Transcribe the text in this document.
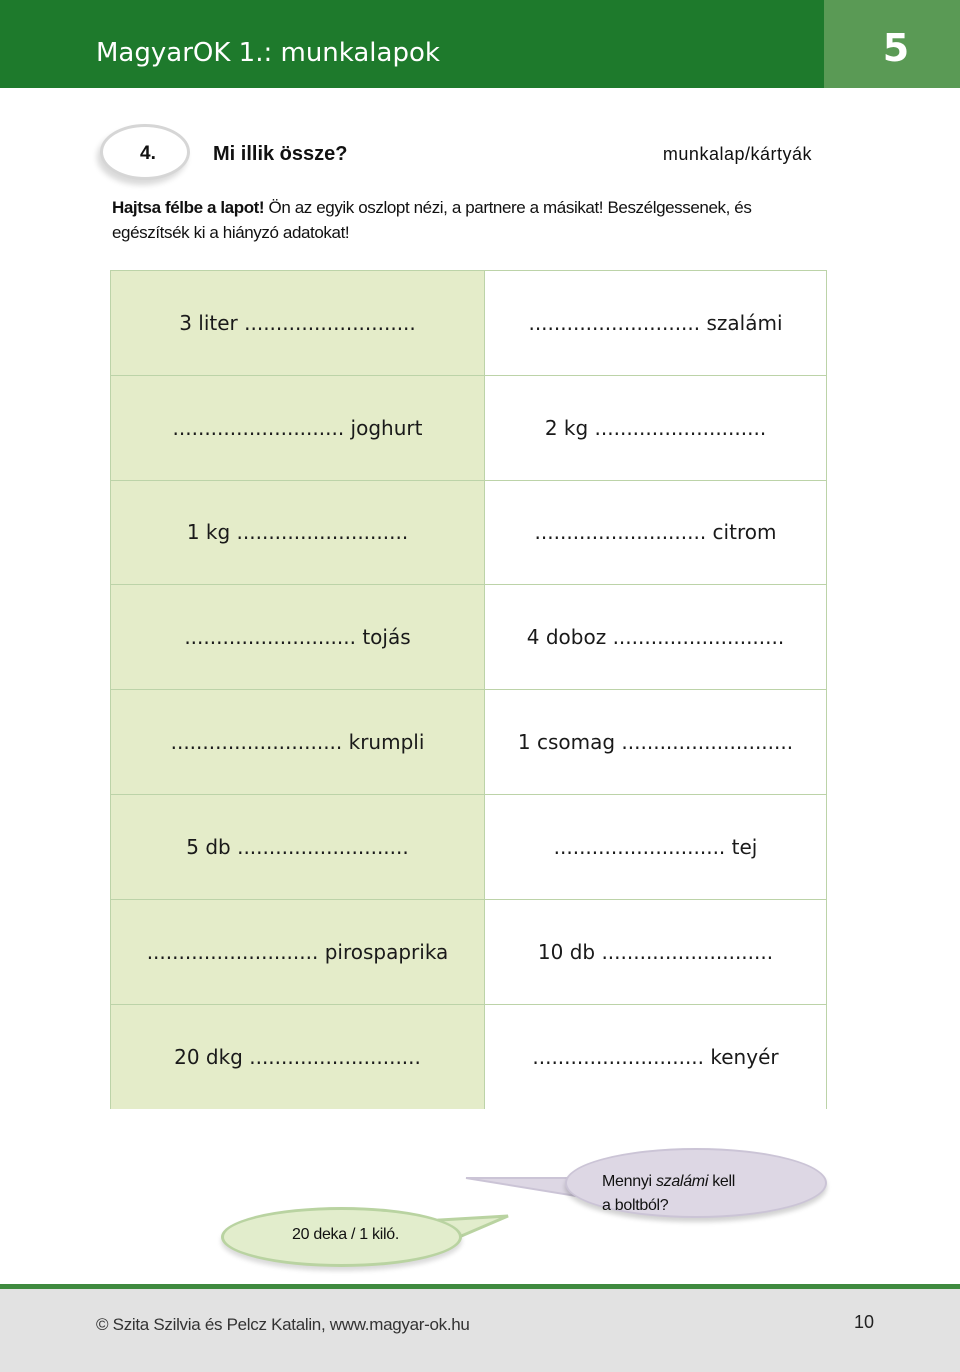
MagyarOK 1.: munkalapok	5
4.	Mi illik össze?	munkalap/kártyák
Hajtsa félbe a lapot! Ön az egyik oszlopt nézi, a partnere a másikat! Beszélgessenek, és egészítsék ki a hiányzó adatokat!
3 liter ...........................	........................... szalámi
........................... joghurt	2 kg ...........................
1 kg ...........................	........................... citrom
........................... tojás	4 doboz ...........................
........................... krumpli	1 csomag ...........................
5 db ...........................	........................... tej
........................... pirospaprika	10 db ...........................
20 dkg ...........................	........................... kenyér
Mennyi szalámi kell
a boltból?
20 deka / 1 kiló.
© Szita Szilvia és Pelcz Katalin, www.magyar-ok.hu	10
